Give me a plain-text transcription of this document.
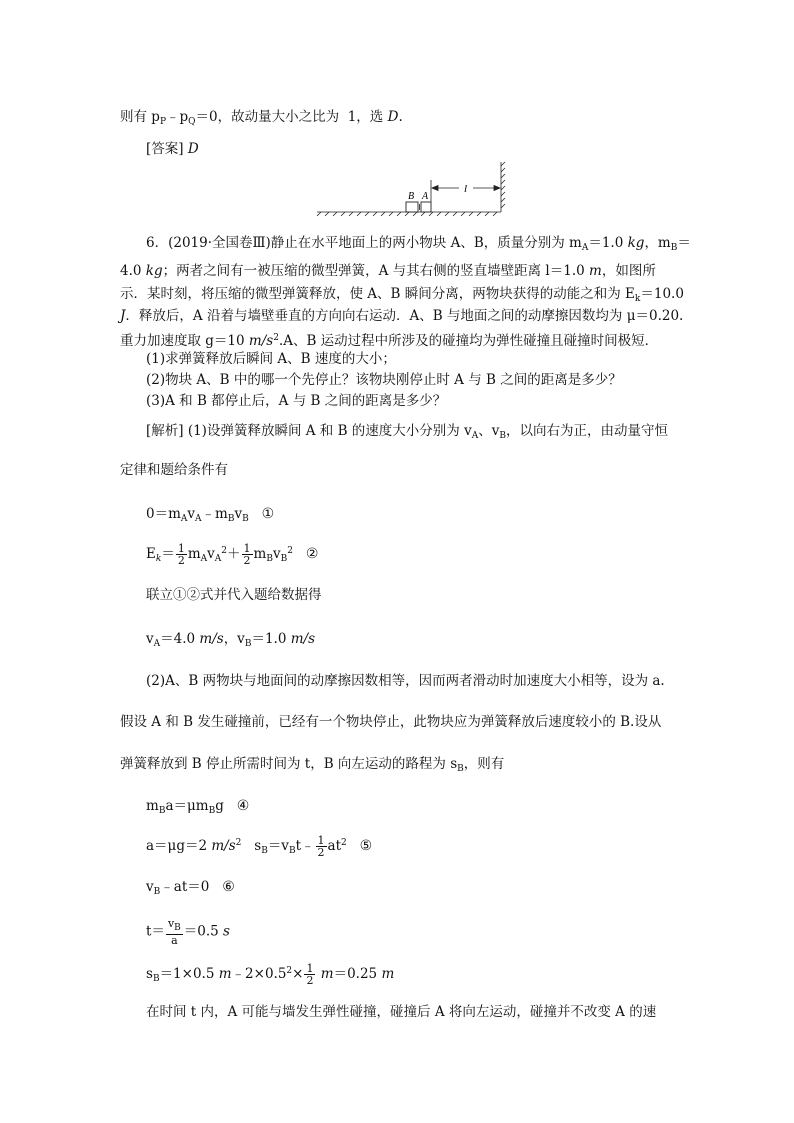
则有 $p_P﹣p_Q=0$，故动量大小之比为  1，选 D.
[答案] D
B A
l
6．(2019·全国卷Ⅲ)静止在水平地面上的两小物块 A、B，质量分别为 $m_A=1.0$ kg，$m_B=$
4.0 kg；两者之间有一被压缩的微型弹簧，A 与其右侧的竖直墙壁距离 l＝1.0 m，如图所
示．某时刻，将压缩的微型弹簧释放，使 A、B 瞬间分离，两物块获得的动能之和为 $E_k=10.0$
J．释放后，A 沿着与墙壁垂直的方向向右运动．A、B 与地面之间的动摩擦因数均为 μ＝0.20.
重力加速度取 g＝10 $m/s^2.A$、B 运动过程中所涉及的碰撞均为弹性碰撞且碰撞时间极短．
(1)求弹簧释放后瞬间 A、B 速度的大小；
(2)物块 A、B 中的哪一个先停止？该物块刚停止时 A 与 B 之间的距离是多少？
(3)A 和 B 都停止后，A 与 B 之间的距离是多少？
[解析] (1)设弹簧释放瞬间 A 和 B 的速度大小分别为 $v_A$、$v_B$，以向右为正，由动量守恒
定律和题给条件有
$0=m_Av_A﹣m_Bv_B$ ①
$E_k= \frac{1}{2} m_Av_A^2+ \frac{1}{2} m_Bv_B^2$ ②
联立①②式并代入题给数据得
$v_A=4.0$ m/s，$v_B=1.0$ m/s
(2)A、B 两物块与地面间的动摩擦因数相等，因而两者滑动时加速度大小相等，设为 a.
假设 A 和 B 发生碰撞前，已经有一个物块停止，此物块应为弹簧释放后速度较小的 B.设从
弹簧释放到 B 停止所需时间为 t，B 向左运动的路程为 $s_B$，则有
$m_Ba=\mu m_Bg$   ④
a＝μg＝2 $m/s^2$   $s_B=v_Bt﹣ \frac{1}{2} at^2$ ⑤
$v_B﹣at=0$   ⑥
$t= \frac{v_B}{a} =0.5$ s
$s_B=1\times 0.5$ $m﹣2\times 0.5^2\times \frac{1}{2} m=0.25$ m
在时间 t 内，A 可能与墙发生弹性碰撞，碰撞后 A 将向左运动，碰撞并不改变 A 的速
